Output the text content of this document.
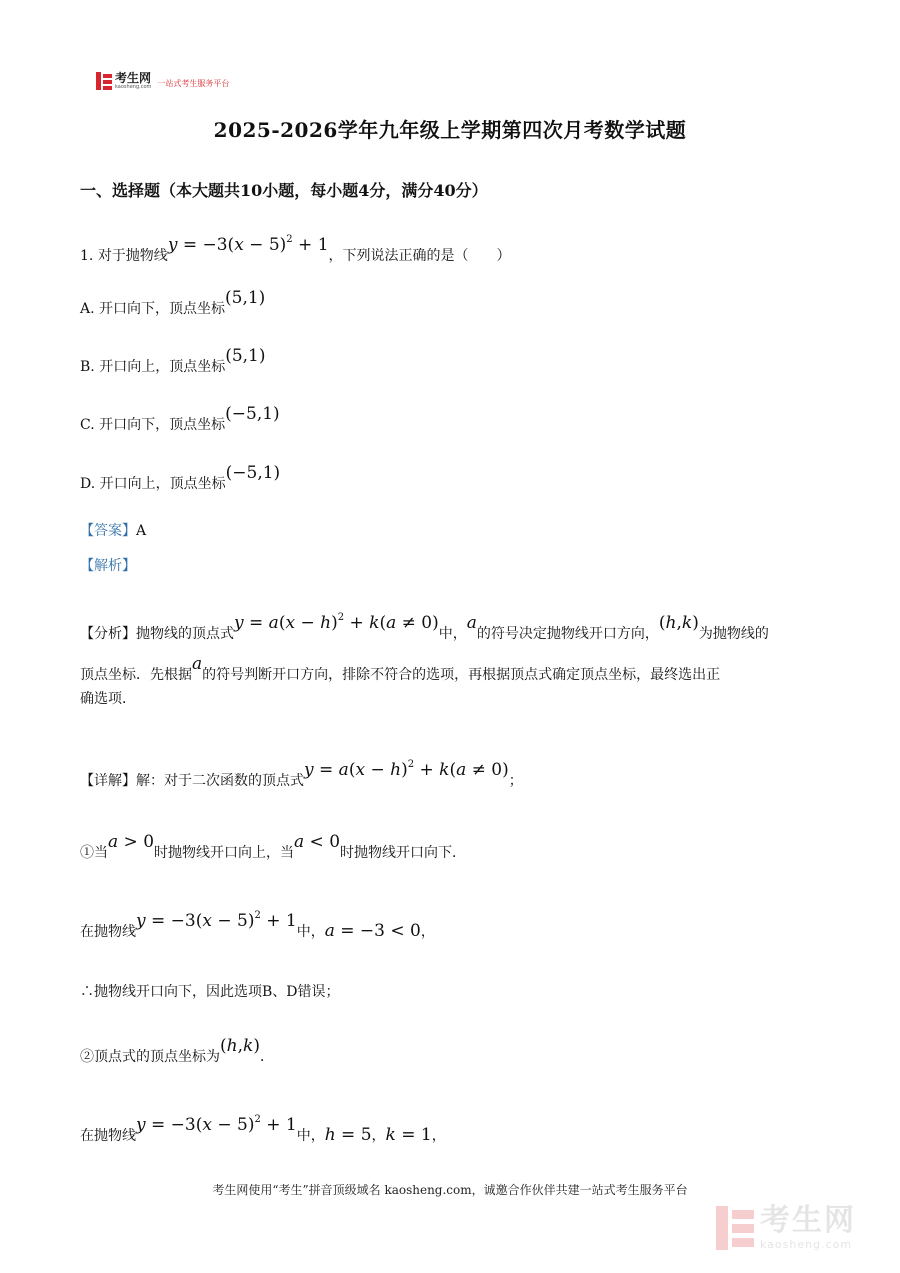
考生网
kaosheng.com 一站式考生服务平台
2025-2026学年九年级上学期第四次月考数学试题
一、选择题（本大题共10小题，每小题4分，满分40分）
1. 对于抛物线$y = -3(x - 5)^2 + 1$，下列说法正确的是（　　）
A. 开口向下，顶点坐标(5,1)
B. 开口向上，顶点坐标(5,1)
C. 开口向下，顶点坐标(−5,1)
D. 开口向上，顶点坐标(−5,1)
【答案】A
【解析】
【分析】抛物线的顶点式$y = a(x - h)^2 + k(a \ne 0)$中，a的符号决定抛物线开口方向，(h,k)为抛物线的
顶点坐标．先根据a的符号判断开口方向，排除不符合的选项，再根据顶点式确定顶点坐标，最终选出正
确选项．
【详解】解：对于二次函数的顶点式$y = a(x - h)^2 + k(a \ne 0)$；
①当a > 0时抛物线开口向上，当a < 0时抛物线开口向下．
在抛物线$y = -3(x - 5)^2 + 1$中，a = −3 < 0，
∴抛物线开口向下，因此选项B、D错误；
②顶点式的顶点坐标为(h,k)．
在抛物线$y = -3(x - 5)^2 + 1$中，h = 5，k = 1，
考生网使用“考生”拼音顶级域名 kaosheng.com，诚邀合作伙伴共建一站式考生服务平台
考生网
kaosheng.com
